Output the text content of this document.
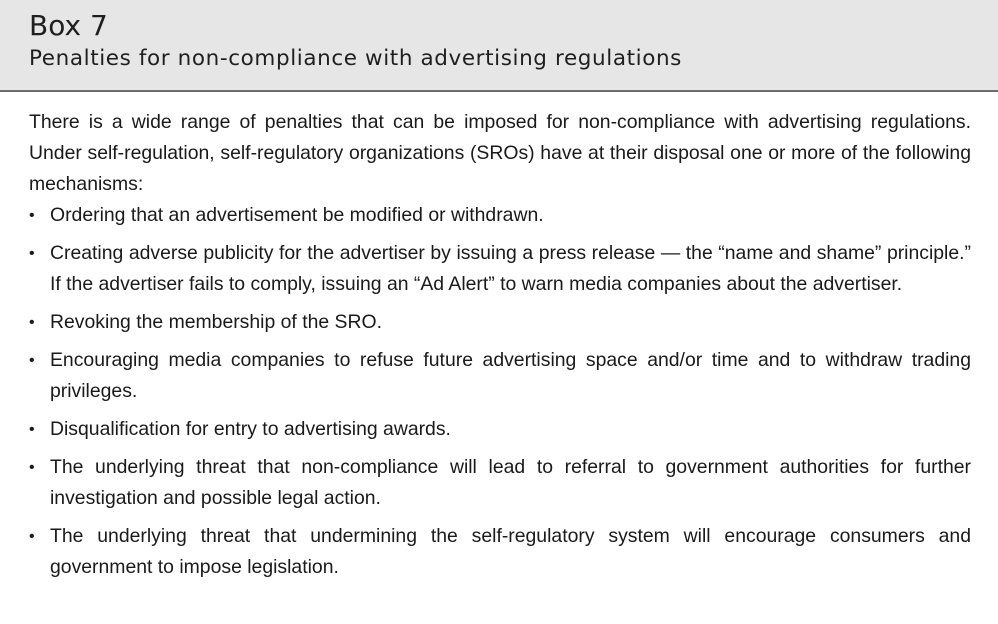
Box 7
Penalties for non-compliance with advertising regulations

There is a wide range of penalties that can be imposed for non-compliance with advertising regulations. Under self-regulation, self-regulatory organizations (SROs) have at their disposal one or more of the following mechanisms:

• Ordering that an advertisement be modified or withdrawn.
• Creating adverse publicity for the advertiser by issuing a press release — the “name and shame” principle.” If the advertiser fails to comply, issuing an “Ad Alert” to warn media companies about the advertiser.
• Revoking the membership of the SRO.
• Encouraging media companies to refuse future advertising space and/or time and to withdraw trading privileges.
• Disqualification for entry to advertising awards.
• The underlying threat that non-compliance will lead to referral to government authorities for further investigation and possible legal action.
• The underlying threat that undermining the self-regulatory system will encourage consumers and government to impose legislation.
